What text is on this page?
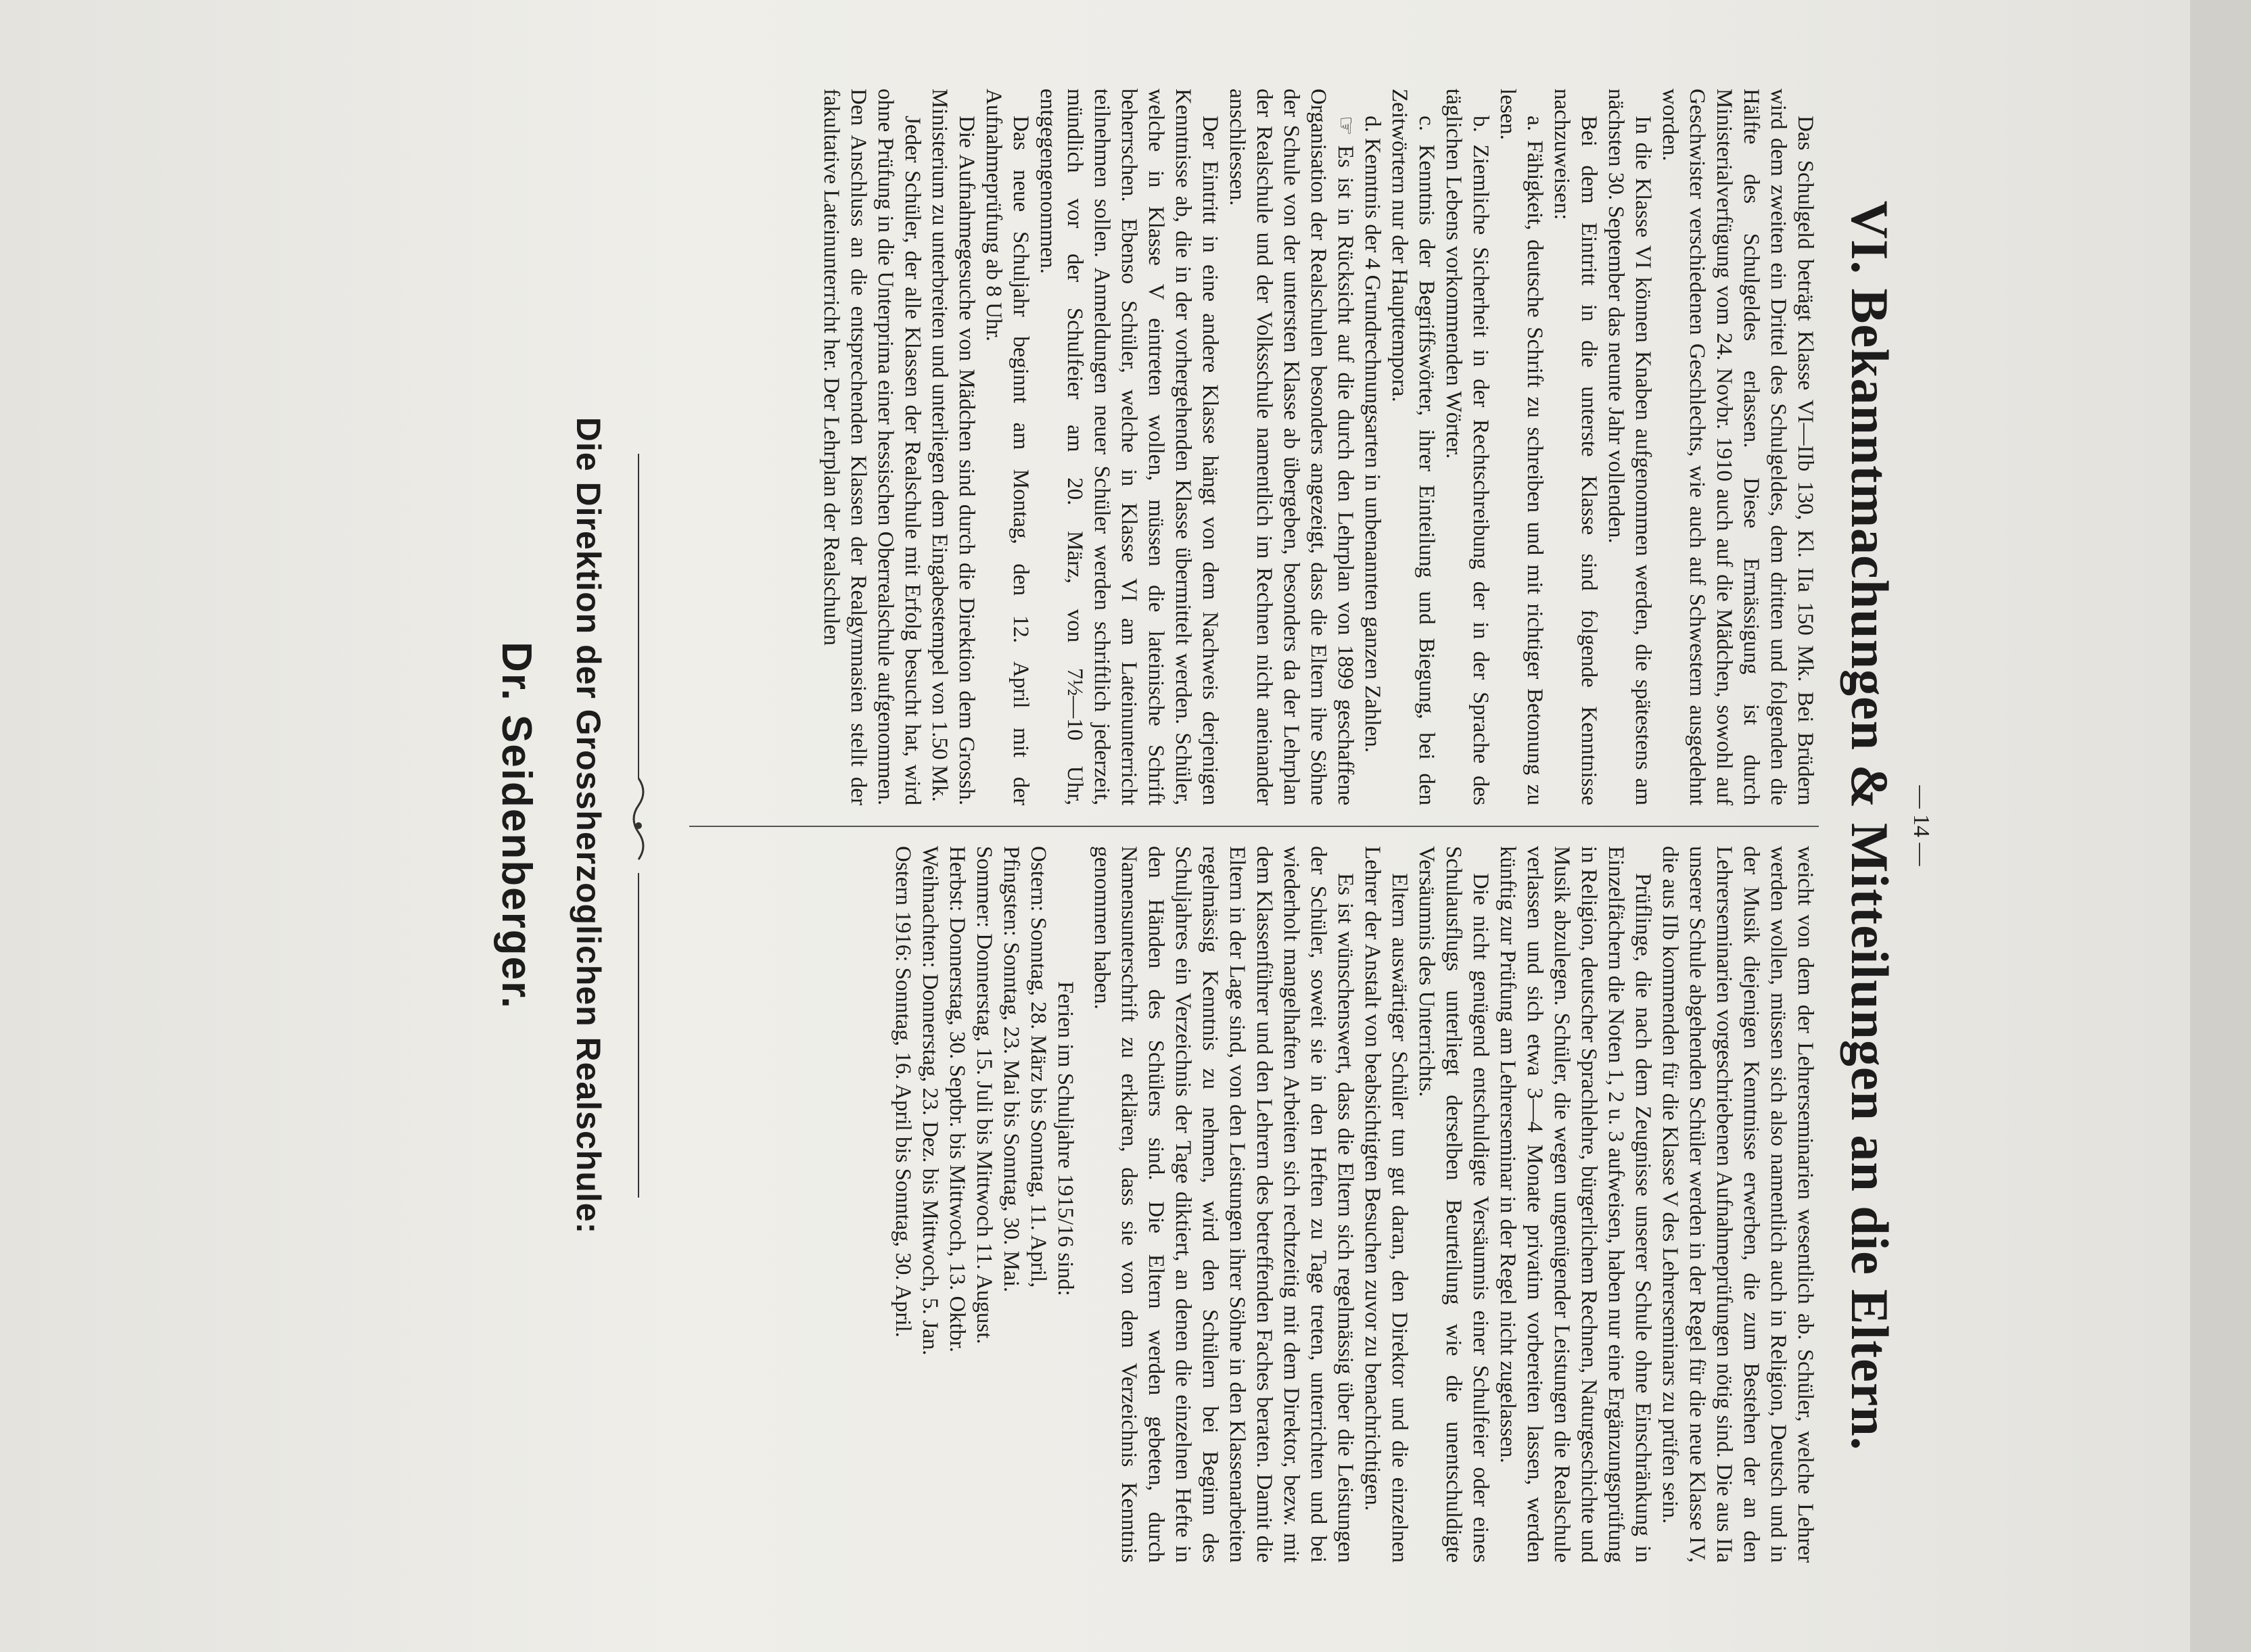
— 14 —
VI. Bekanntmachungen & Mitteilungen an die Eltern.

Das Schulgeld beträgt Klasse VI—IIb 130, Kl. IIa 150 Mk. Bei Brüdern wird dem zweiten ein Drittel des Schulgeldes, dem dritten und folgenden die Hälfte des Schulgeldes erlassen. Diese Ermässigung ist durch Ministerialverfügung vom 24. Novbr. 1910 auch auf die Mädchen, sowohl auf Geschwister verschiedenen Geschlechts, wie auch auf Schwestern ausgedehnt worden.

In die Klasse VI können Knaben aufgenommen werden, die spätestens am nächsten 30. September das neunte Jahr vollenden.

Bei dem Eintritt in die unterste Klasse sind folgende Kenntnisse nachzuweisen:

a. Fähigkeit, deutsche Schrift zu schreiben und mit richtiger Betonung zu lesen.

b. Ziemliche Sicherheit in der Rechtschreibung der in der Sprache des täglichen Lebens vorkommenden Wörter.

c. Kenntnis der Begriffswörter, ihrer Einteilung und Biegung, bei den Zeitwörtern nur der Haupttempora.

d. Kenntnis der 4 Grundrechnungsarten in unbenannten ganzen Zahlen.

☞ Es ist in Rücksicht auf die durch den Lehrplan von 1899 geschaffene Organisation der Realschulen besonders angezeigt, dass die Eltern ihre Söhne der Schule von der untersten Klasse ab übergeben, besonders da der Lehrplan der Realschule und der Volksschule namentlich im Rechnen nicht aneinander anschliessen.

Der Eintritt in eine andere Klasse hängt von dem Nachweis derjenigen Kenntnisse ab, die in der vorhergehenden Klasse übermittelt werden. Schüler, welche in Klasse V eintreten wollen, müssen die lateinische Schrift beherrschen. Ebenso Schüler, welche in Klasse VI am Lateinunterricht teilnehmen sollen. Anmeldungen neuer Schüler werden schriftlich jederzeit, mündlich vor der Schulfeier am 20. März, von 7½—10 Uhr, entgegengenommen.

Das neue Schuljahr beginnt am Montag, den 12. April mit der Aufnahmeprüfung ab 8 Uhr.

Die Aufnahmegesuche von Mädchen sind durch die Direktion dem Grossh. Ministerium zu unterbreiten und unterliegen dem Eingabestempel von 1.50 Mk.

Jeder Schüler, der alle Klassen der Realschule mit Erfolg besucht hat, wird ohne Prüfung in die Unterprima einer hessischen Oberrealschule aufgenommen. Den Anschluss an die entsprechenden Klassen der Realgymnasien stellt der fakultative Lateinunterricht her. Der Lehrplan der Realschulen

weicht von dem der Lehrerseminarien wesentlich ab. Schüler, welche Lehrer werden wollen, müssen sich also namentlich auch in Religion, Deutsch und in der Musik diejenigen Kenntnisse erwerben, die zum Bestehen der an den Lehrerseminarien vorgeschriebenen Aufnahmeprüfungen nötig sind. Die aus IIa unserer Schule abgehenden Schüler werden in der Regel für die neue Klasse IV, die aus IIb kommenden für die Klasse V des Lehrerseminars zu prüfen sein.

Prüflinge, die nach dem Zeugnisse unserer Schule ohne Einschränkung in Einzelfächern die Noten 1, 2 u. 3 aufweisen, haben nur eine Ergänzungsprüfung in Religion, deutscher Sprachlehre, bürgerlichem Rechnen, Naturgeschichte und Musik abzulegen. Schüler, die wegen ungenügender Leistungen die Realschule verlassen und sich etwa 3—4 Monate privatim vorbereiten lassen, werden künftig zur Prüfung am Lehrerseminar in der Regel nicht zugelassen.

Die nicht genügend entschuldigte Versäumnis einer Schulfeier oder eines Schulausflugs unterliegt derselben Beurteilung wie die unentschuldigte Versäumnis des Unterrichts.

Eltern auswärtiger Schüler tun gut daran, den Direktor und die einzelnen Lehrer der Anstalt von beabsichtigten Besuchen zuvor zu benachrichtigen.

Es ist wünschenswert, dass die Eltern sich regelmässig über die Leistungen der Schüler, soweit sie in den Heften zu Tage treten, unterrichten und bei wiederholt mangelhaften Arbeiten sich rechtzeitig mit dem Direktor, bezw. mit dem Klassenführer und den Lehrern des betreffenden Faches beraten. Damit die Eltern in der Lage sind, von den Leistungen ihrer Söhne in den Klassenarbeiten regelmässig Kenntnis zu nehmen, wird den Schülern bei Beginn des Schuljahres ein Verzeichnis der Tage diktiert, an denen die einzelnen Hefte in den Händen des Schülers sind. Die Eltern werden gebeten, durch Namensunterschrift zu erklären, dass sie von dem Verzeichnis Kenntnis genommen haben.

Ferien im Schuljahre 1915/16 sind:

Ostern: Sonntag, 28. März bis Sonntag, 11. April,

Pfingsten: Sonntag, 23. Mai bis Sonntag, 30. Mai.

Sommer: Donnerstag, 15. Juli bis Mittwoch 11. August.

Herbst: Donnerstag, 30. Septbr. bis Mittwoch, 13. Oktbr.

Weihnachten: Donnerstag, 23. Dez. bis Mittwoch, 5. Jan.

Ostern 1916: Sonntag, 16. April bis Sonntag, 30. April.

Die Direktion der Grossherzoglichen Realschule:
Dr. Seidenberger.
